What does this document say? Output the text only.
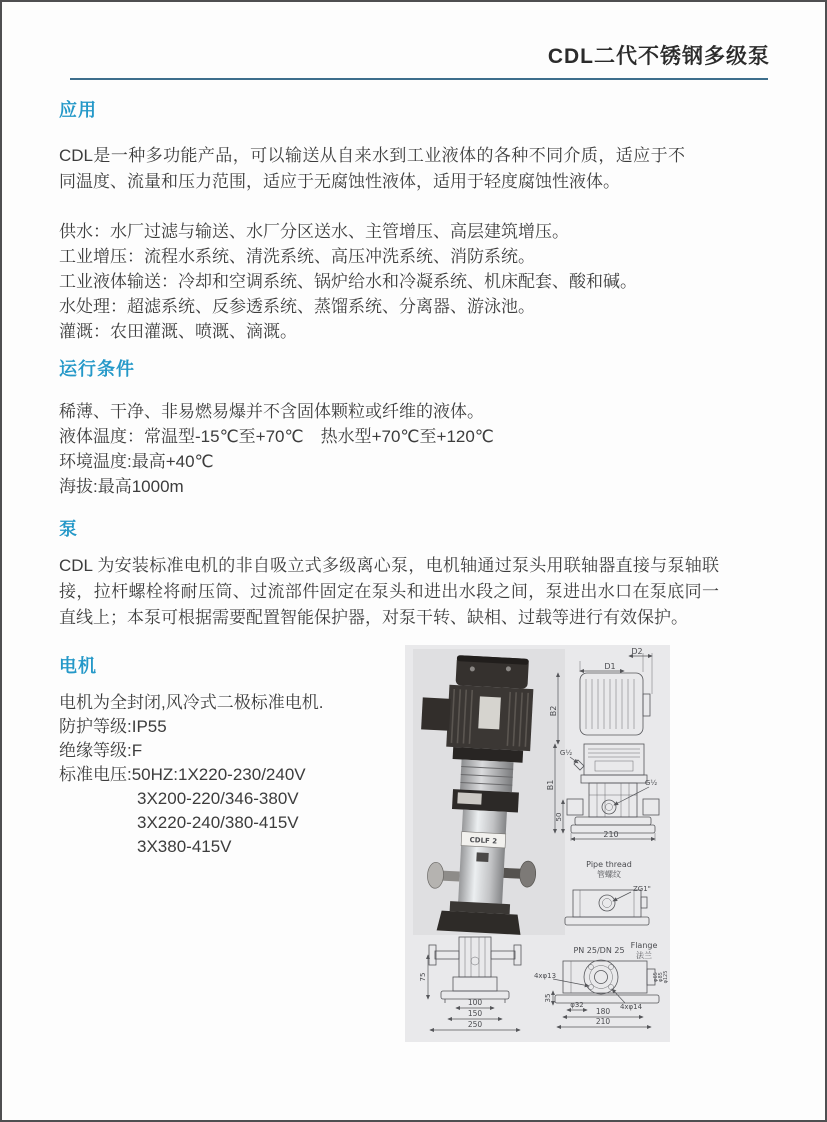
CDL二代不锈钢多级泵
应用

CDL是一种多功能产品，可以输送从自来水到工业液体的各种不同介质，适应于不同温度、流量和压力范围，适应于无腐蚀性液体，适用于轻度腐蚀性液体。

供水：水厂过滤与输送、水厂分区送水、主管增压、高层建筑增压。
工业增压：流程水系统、清洗系统、高压冲洗系统、消防系统。
工业液体输送：冷却和空调系统、锅炉给水和冷凝系统、机床配套、酸和碱。
水处理：超滤系统、反参透系统、蒸馏系统、分离器、游泳池。
灌溉：农田灌溉、喷溉、滴溉。
运行条件
稀薄、干净、非易燃易爆并不含固体颗粒或纤维的液体。
液体温度：常温型-15℃至+70℃　热水型+70℃至+120℃
环境温度:最高+40℃
海拔:最高1000m
泵

CDL 为安装标准电机的非自吸立式多级离心泵，电机轴通过泵头用联轴器直接与泵轴联接，拉杆螺栓将耐压筒、过流部件固定在泵头和进出水段之间，泵进出水口在泵底同一直线上；本泵可根据需要配置智能保护器，对泵干转、缺相、过载等进行有效保护。

电机
电机为全封闭,风冷式二极标准电机.
防护等级:IP55
绝缘等级:F
标准电压:50HZ:1X220-230/240V
3X200-220/346-380V
3X220-240/380-415V
3X380-415V	CDLF 2
D1
D2
B2
G½
B1	G½
50
210
Pipe thread
管螺纹
ZG1"
75
100
150
250
PN 25/DN 25
Flange
法兰
φ65 φ85 φ125
4xφ13
35
φ32
180 4xφ14
210
